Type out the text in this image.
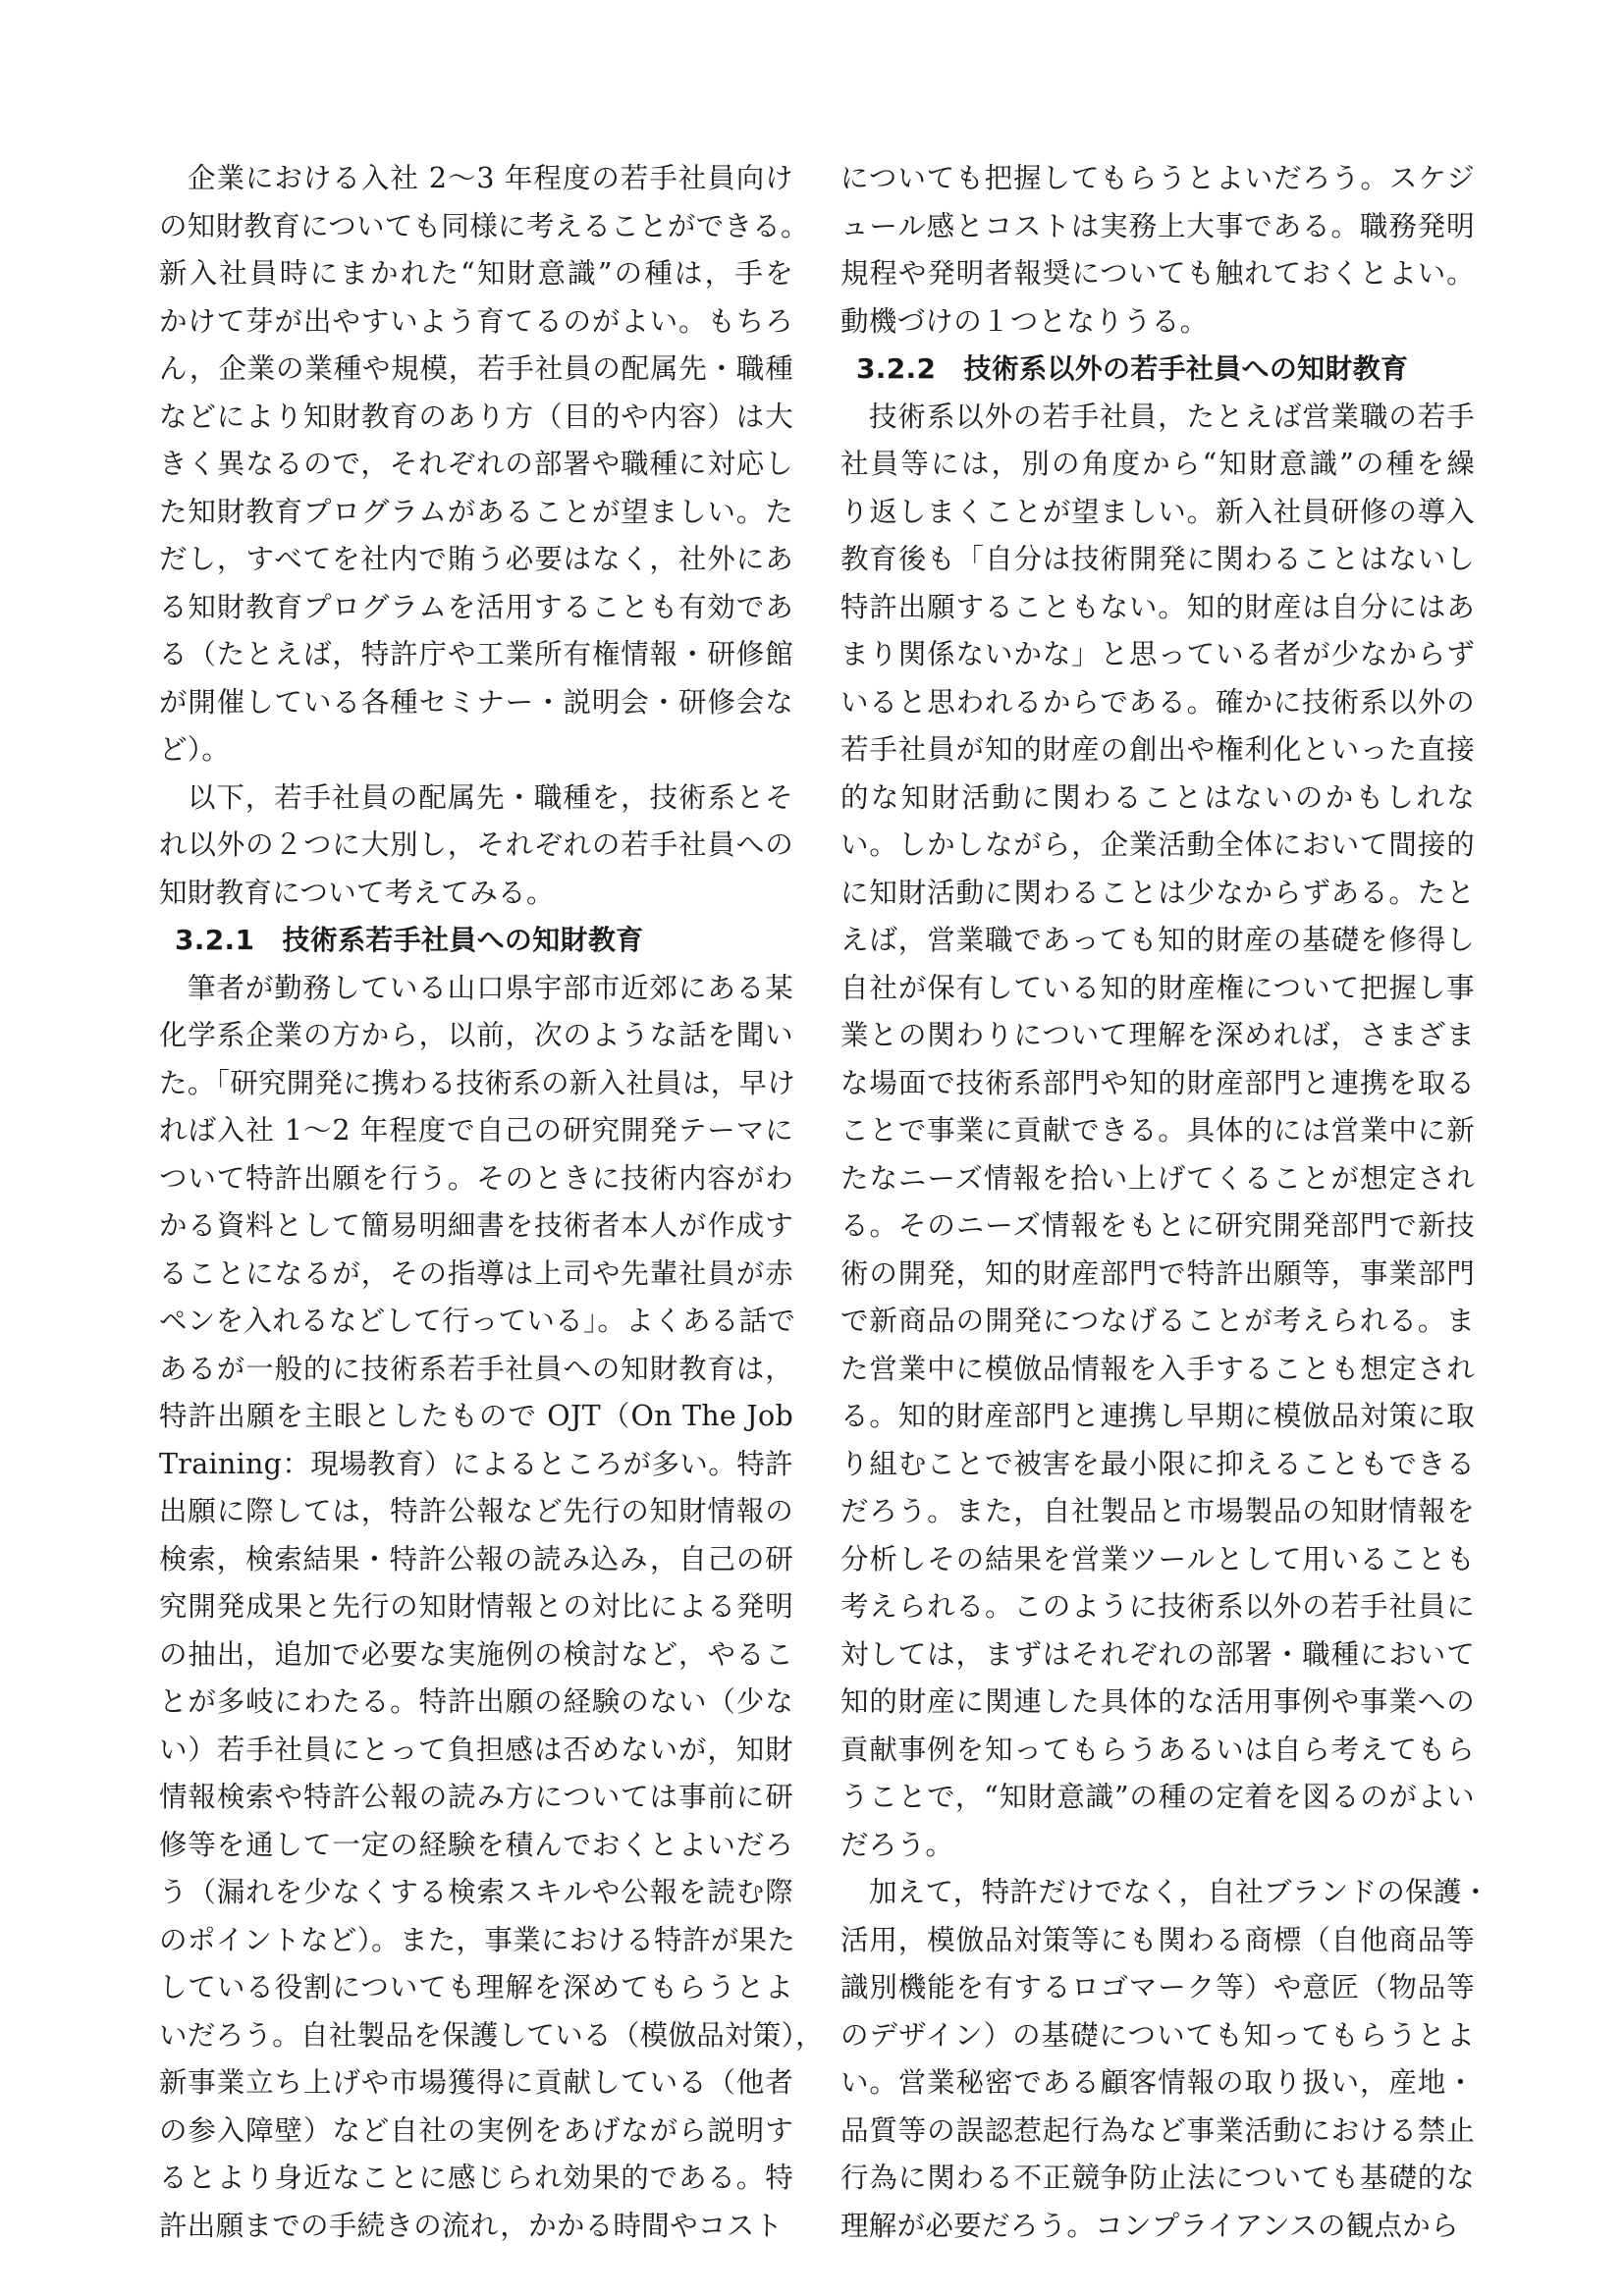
企業における入社 2〜3 年程度の若手社員向け
の知財教育についても同様に考えることができる。
新入社員時にまかれた“知財意識”の種は，手を
かけて芽が出やすいよう育てるのがよい。もちろ
ん，企業の業種や規模，若手社員の配属先・職種
などにより知財教育のあり方（目的や内容）は大
きく異なるので，それぞれの部署や職種に対応し
た知財教育プログラムがあることが望ましい。た
だし，すべてを社内で賄う必要はなく，社外にあ
る知財教育プログラムを活用することも有効であ
る（たとえば，特許庁や工業所有権情報・研修館
が開催している各種セミナー・説明会・研修会な
ど）。
以下，若手社員の配属先・職種を，技術系とそ
れ以外の２つに大別し，それぞれの若手社員への
知財教育について考えてみる。
3.2.1　技術系若手社員への知財教育
筆者が勤務している山口県宇部市近郊にある某
化学系企業の方から，以前，次のような話を聞い
た。「研究開発に携わる技術系の新入社員は，早け
れば入社 1〜2 年程度で自己の研究開発テーマに
ついて特許出願を行う。そのときに技術内容がわ
かる資料として簡易明細書を技術者本人が作成す
ることになるが，その指導は上司や先輩社員が赤
ペンを入れるなどして行っている」。よくある話で
あるが一般的に技術系若手社員への知財教育は，
特許出願を主眼としたもので OJT（On The Job
Training：現場教育）によるところが多い。特許
出願に際しては，特許公報など先行の知財情報の
検索，検索結果・特許公報の読み込み，自己の研
究開発成果と先行の知財情報との対比による発明
の抽出，追加で必要な実施例の検討など，やるこ
とが多岐にわたる。特許出願の経験のない（少な
い）若手社員にとって負担感は否めないが，知財
情報検索や特許公報の読み方については事前に研
修等を通して一定の経験を積んでおくとよいだろ
う（漏れを少なくする検索スキルや公報を読む際
のポイントなど）。また，事業における特許が果た
している役割についても理解を深めてもらうとよ
いだろう。自社製品を保護している（模倣品対策），
新事業立ち上げや市場獲得に貢献している（他者
の参入障壁）など自社の実例をあげながら説明す
るとより身近なことに感じられ効果的である。特
許出願までの手続きの流れ，かかる時間やコスト
についても把握してもらうとよいだろう。スケジ
ュール感とコストは実務上大事である。職務発明
規程や発明者報奨についても触れておくとよい。
動機づけの１つとなりうる。
3.2.2　技術系以外の若手社員への知財教育
技術系以外の若手社員，たとえば営業職の若手
社員等には，別の角度から“知財意識”の種を繰
り返しまくことが望ましい。新入社員研修の導入
教育後も「自分は技術開発に関わることはないし
特許出願することもない。知的財産は自分にはあ
まり関係ないかな」と思っている者が少なからず
いると思われるからである。確かに技術系以外の
若手社員が知的財産の創出や権利化といった直接
的な知財活動に関わることはないのかもしれな
い。しかしながら，企業活動全体において間接的
に知財活動に関わることは少なからずある。たと
えば，営業職であっても知的財産の基礎を修得し
自社が保有している知的財産権について把握し事
業との関わりについて理解を深めれば，さまざま
な場面で技術系部門や知的財産部門と連携を取る
ことで事業に貢献できる。具体的には営業中に新
たなニーズ情報を拾い上げてくることが想定され
る。そのニーズ情報をもとに研究開発部門で新技
術の開発，知的財産部門で特許出願等，事業部門
で新商品の開発につなげることが考えられる。ま
た営業中に模倣品情報を入手することも想定され
る。知的財産部門と連携し早期に模倣品対策に取
り組むことで被害を最小限に抑えることもできる
だろう。また，自社製品と市場製品の知財情報を
分析しその結果を営業ツールとして用いることも
考えられる。このように技術系以外の若手社員に
対しては，まずはそれぞれの部署・職種において
知的財産に関連した具体的な活用事例や事業への
貢献事例を知ってもらうあるいは自ら考えてもら
うことで，“知財意識”の種の定着を図るのがよい
だろう。
加えて，特許だけでなく，自社ブランドの保護・
活用，模倣品対策等にも関わる商標（自他商品等
識別機能を有するロゴマーク等）や意匠（物品等
のデザイン）の基礎についても知ってもらうとよ
い。営業秘密である顧客情報の取り扱い，産地・
品質等の誤認惹起行為など事業活動における禁止
行為に関わる不正競争防止法についても基礎的な
理解が必要だろう。コンプライアンスの観点から
